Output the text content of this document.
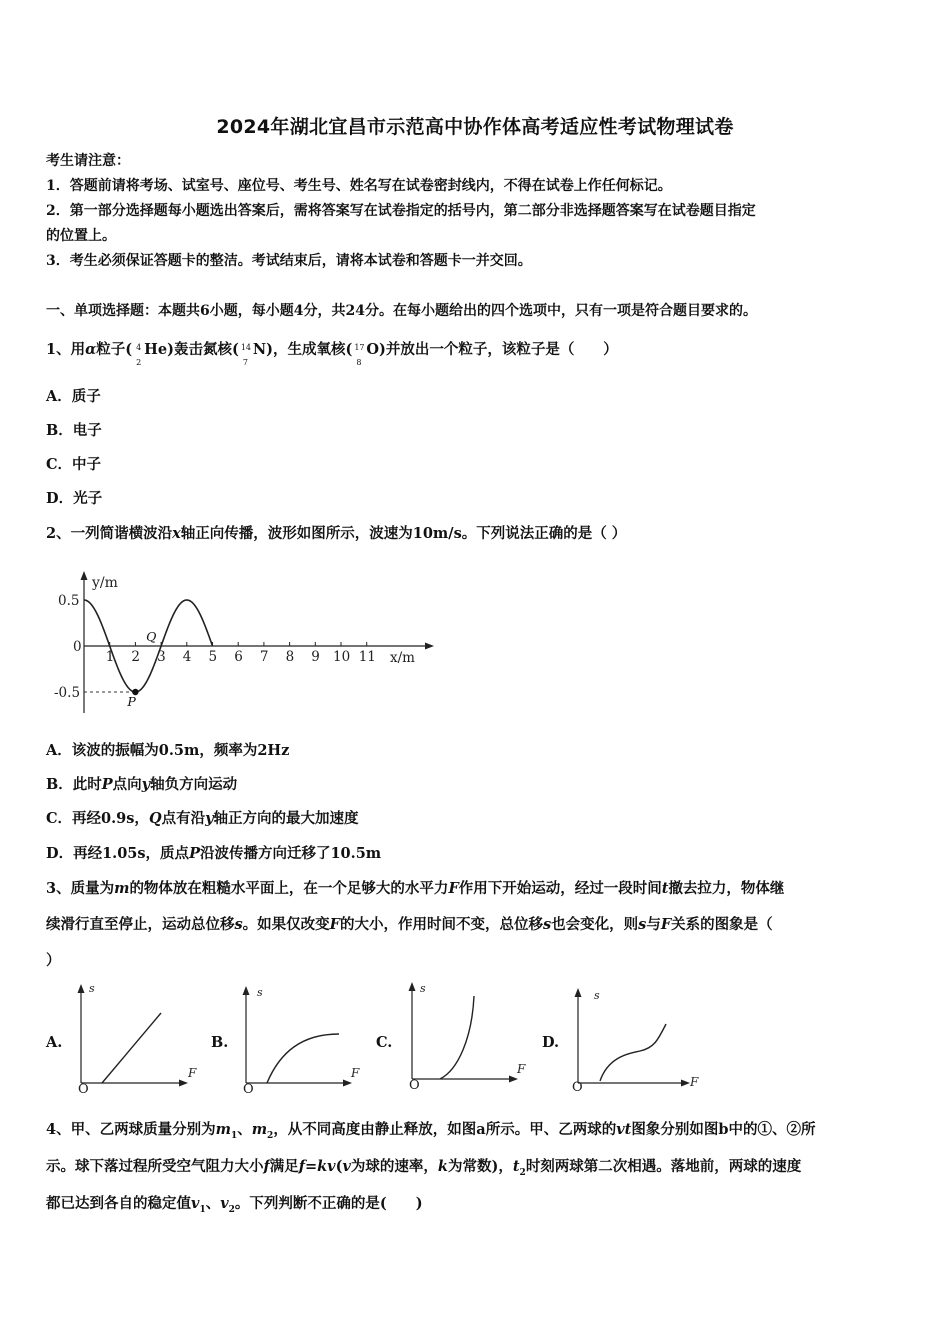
2024年湖北宜昌市示范高中协作体高考适应性考试物理试卷
考生请注意：
1．答题前请将考场、试室号、座位号、考生号、姓名写在试卷密封线内，不得在试卷上作任何标记。
2．第一部分选择题每小题选出答案后，需将答案写在试卷指定的括号内，第二部分非选择题答案写在试卷题目指定
的位置上。
3．考生必须保证答题卡的整洁。考试结束后，请将本试卷和答题卡一并交回。
一、单项选择题：本题共6小题，每小题4分，共24分。在每小题给出的四个选项中，只有一项是符合题目要求的。
1、用α粒子( 4
2
He)轰击氮核( 14
7
N)，生成氧核( 17
8
O)并放出一个粒子，该粒子是（　　）
A．质子
B．电子
C．中子
D．光子
2、一列简谐横波沿x轴正向传播，波形如图所示，波速为10m/s。下列说法正确的是（ ）
y/m
x/m
1 2 3 4 5 6 7 8 9 10 11
0.5
0
-0.5
P
Q
A．该波的振幅为0.5m，频率为2Hz
B．此时P点向y轴负方向运动
C．再经0.9s，Q点有沿y轴正方向的最大加速度
D．再经1.05s，质点P沿波传播方向迁移了10.5m
3、质量为m的物体放在粗糙水平面上，在一个足够大的水平力F作用下开始运动，经过一段时间t撤去拉力，物体继
续滑行直至停止，运动总位移s。如果仅改变F的大小，作用时间不变，总位移s也会变化，则s与F关系的图象是（
）
A.
s
F
O
B.
s
F
O
C.
s
F
O
D.
s
F
O
4、甲、乙两球质量分别为$m_1$、$m_2$，从不同高度由静止释放，如图a所示。甲、乙两球的vt图象分别如图b中的①、②所
示。球下落过程所受空气阻力大小f满足f=kv(v为球的速率，k为常数)，$t_2$时刻两球第二次相遇。落地前，两球的速度
都已达到各自的稳定值$v_1$、$v_2$。下列判断不正确的是(　　)
